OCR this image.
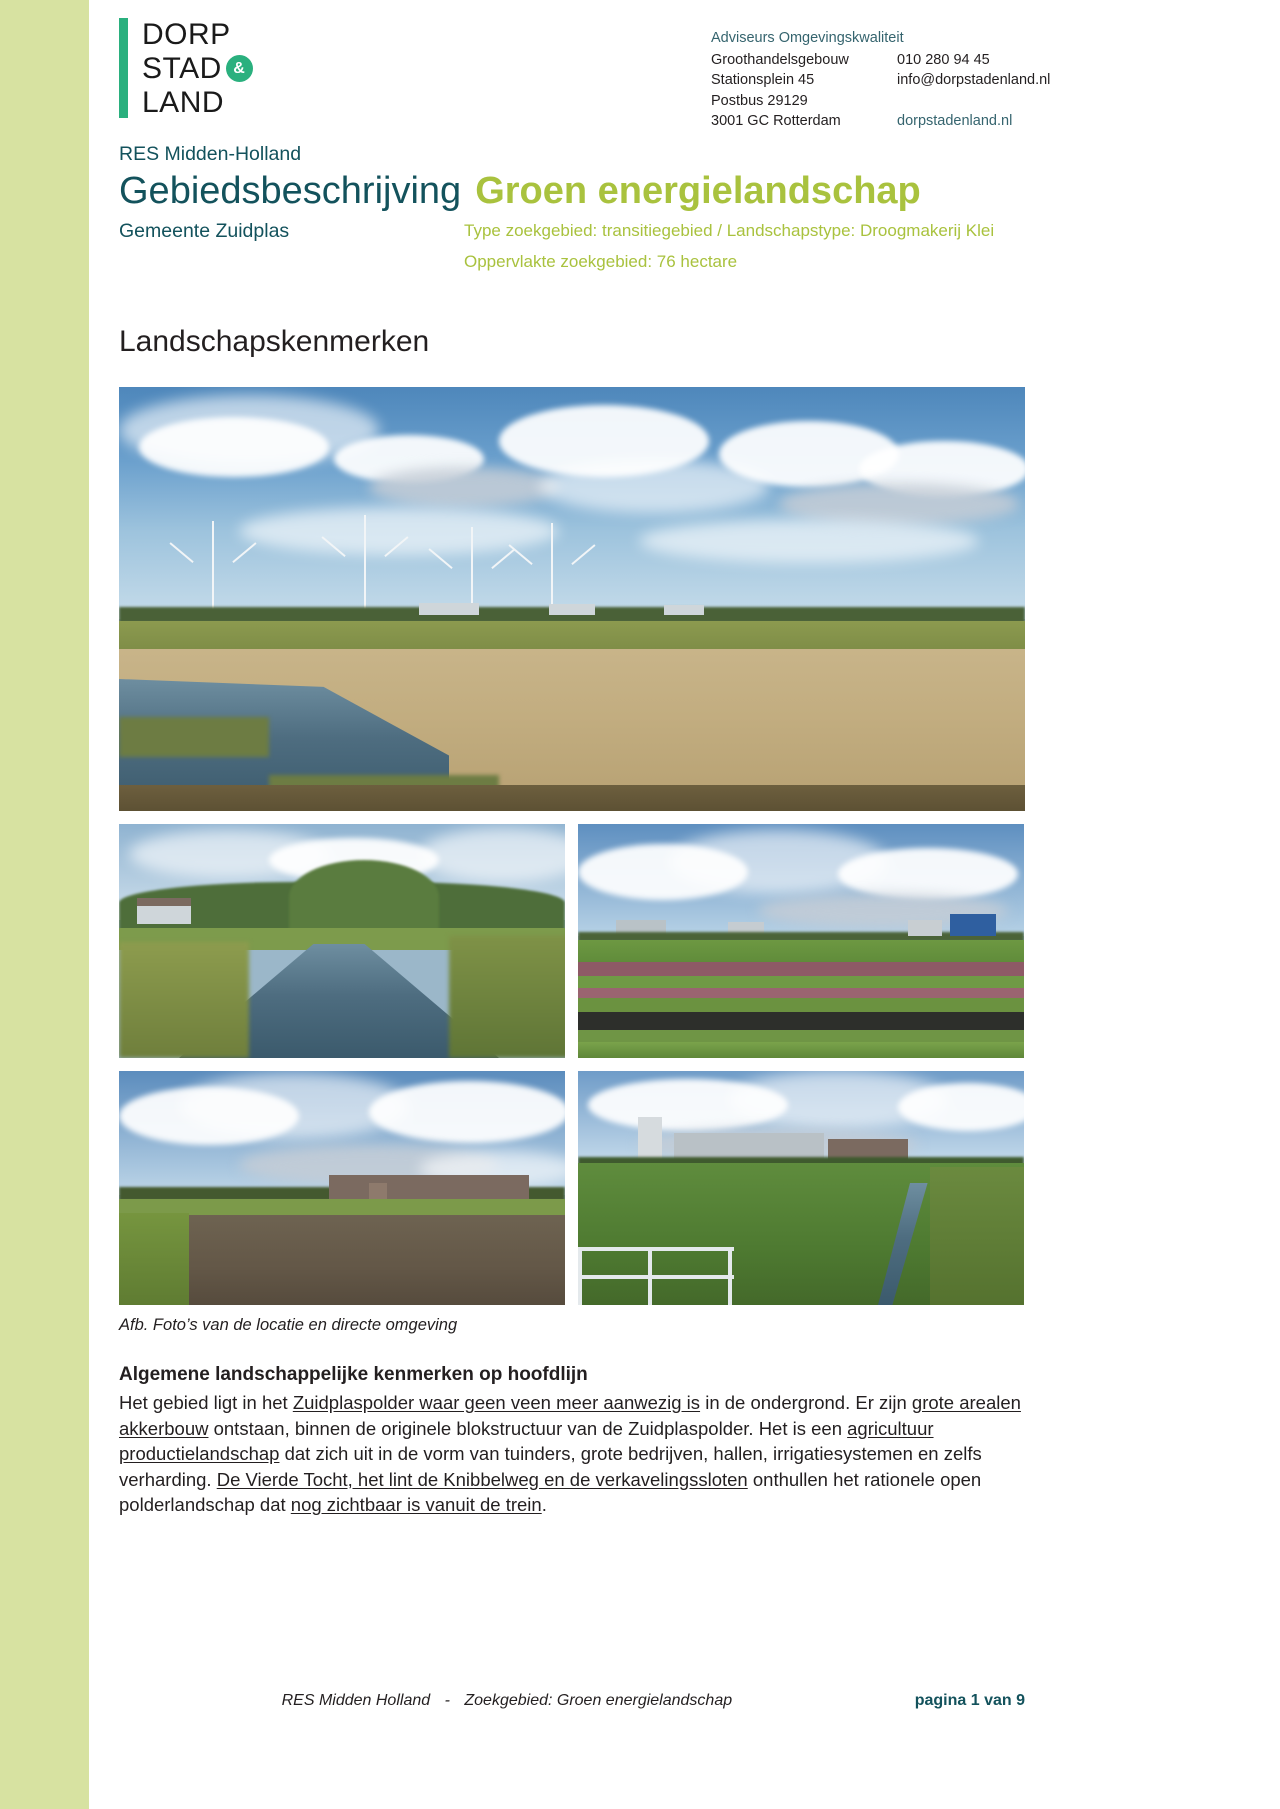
DORP
STAD &
LAND
Adviseurs Omgevingskwaliteit
Groothandelsgebouw	010 280 94 45
Stationsplein 45	info@dorpstadenland.nl
Postbus 29129
3001 GC Rotterdam	dorpstadenland.nl
RES Midden-Holland
Gebiedsbeschrijving Groen energielandschap
Gemeente Zuidplas	Type zoekgebied: transitiegebied / Landschapstype: Droogmakerij Klei
Oppervlakte zoekgebied: 76 hectare
Landschapskenmerken
Afb. Foto’s van de locatie en directe omgeving
Algemene landschappelijke kenmerken op hoofdlijn
Het gebied ligt in het Zuidplaspolder waar geen veen meer aanwezig is in de ondergrond. Er zijn grote arealen akkerbouw ontstaan, binnen de originele blokstructuur van de Zuidplaspolder. Het is een agricultuur productielandschap dat zich uit in de vorm van tuinders, grote bedrijven, hallen, irrigatiesystemen en zelfs verharding. De Vierde Tocht, het lint de Knibbelweg en de verkavelingssloten onthullen het rationele open polderlandschap dat nog zichtbaar is vanuit de trein.
RES Midden Holland - Zoekgebied: Groen energielandschap	pagina 1 van 9
